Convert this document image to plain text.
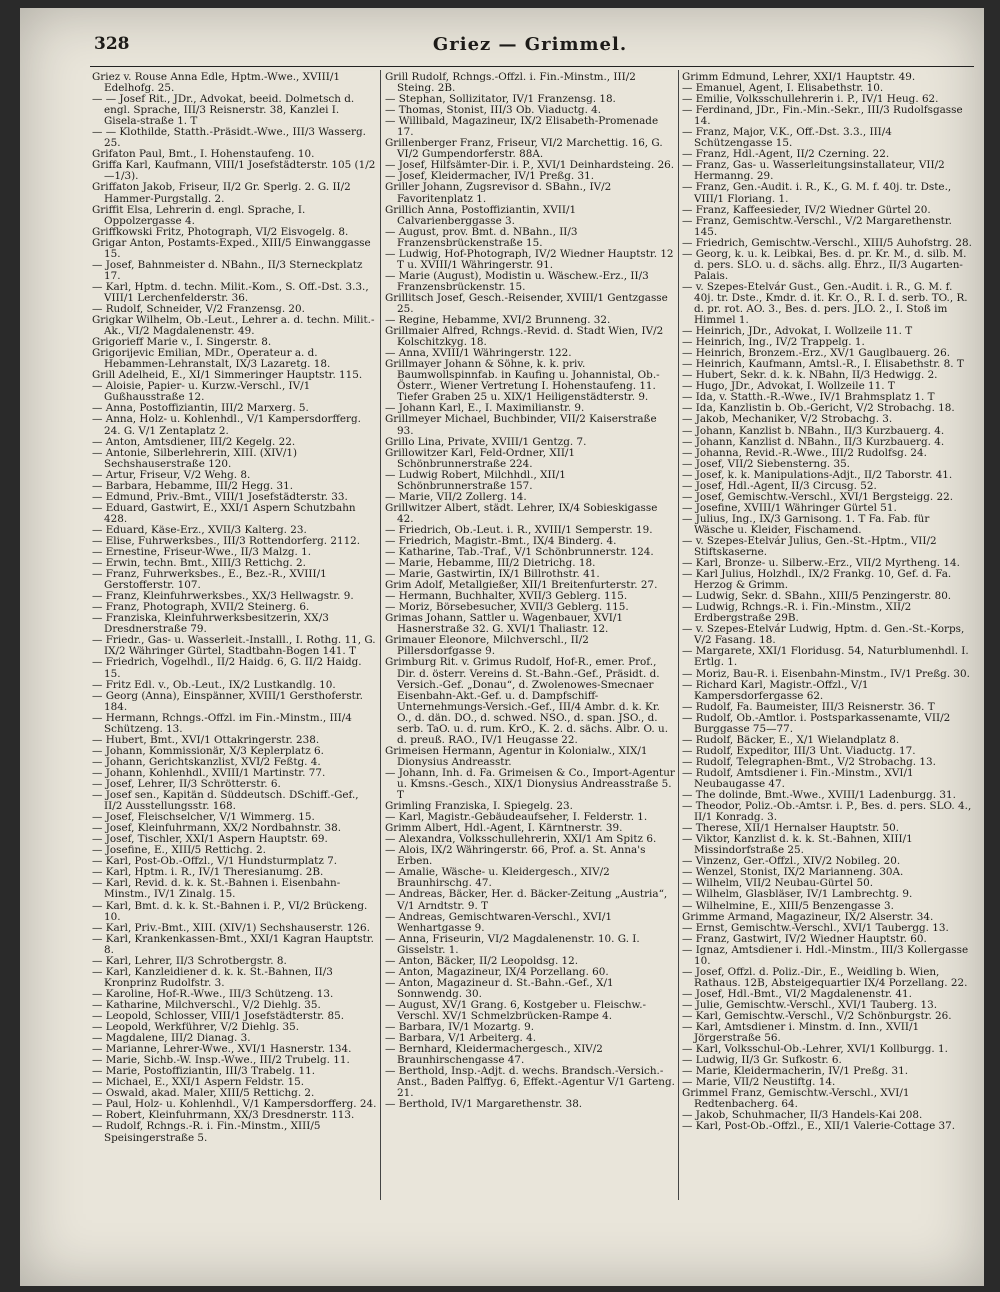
328	Griez — Grimmel.

Griez v. Rouse Anna Edle, Hptm.-Wwe., XVIII/1 Edelhofg. 25.

— — Josef Rit., JDr., Advokat, beeid. Dolmetsch d. engl. Sprache, III/3 Reisnerstr. 38, Kanzlei I. Gisela-straße 1. T

— — Klothilde, Statth.-Präsidt.-Wwe., III/3 Wasserg. 25.

Grifaton Paul, Bmt., I. Hohenstaufeng. 10.

Griffa Karl, Kaufmann, VIII/1 Josefstädterstr. 105 (1/2—1/3).

Griffaton Jakob, Friseur, II/2 Gr. Sperlg. 2. G. II/2 Hammer-Purgstallg. 2.

Griffit Elsa, Lehrerin d. engl. Sprache, I. Oppolzergasse 4.

Griffkowski Fritz, Photograph, VI/2 Eisvogelg. 8.

Grigar Anton, Postamts-Exped., XIII/5 Einwanggasse 15.

— Josef, Bahnmeister d. NBahn., II/3 Sterneckplatz 17.

— Karl, Hptm. d. techn. Milit.-Kom., S. Off.-Dst. 3.3., VIII/1 Lerchenfelderstr. 36.

— Rudolf, Schneider, V/2 Franzensg. 20.

Grigkar Wilhelm, Ob.-Leut., Lehrer a. d. techn. Milit.-Ak., VI/2 Magdalenenstr. 49.

Grigorieff Marie v., I. Singerstr. 8.

Grigorijevic Emilian, MDr., Operateur a. d. Hebammen-Lehranstalt, IX/3 Lazaretg. 18.

Grill Adelheid, E., XI/1 Simmeringer Hauptstr. 115.

— Aloisie, Papier- u. Kurzw.-Verschl., IV/1 Gußhausstraße 12.

— Anna, Postoffiziantin, III/2 Marxerg. 5.

— Anna, Holz- u. Kohlenhdl., V/1 Kampersdorfferg. 24. G. V/1 Zentaplatz 2.

— Anton, Amtsdiener, III/2 Kegelg. 22.

— Antonie, Silberlehrerin, XIII. (XIV/1) Sechshauserstraße 120.

— Artur, Friseur, V/2 Wehg. 8.

— Barbara, Hebamme, III/2 Hegg. 31.

— Edmund, Priv.-Bmt., VIII/1 Josefstädterstr. 33.

— Eduard, Gastwirt, E., XXI/1 Aspern Schutzbahn 428.

— Eduard, Käse-Erz., XVII/3 Kalterg. 23.

— Elise, Fuhrwerksbes., III/3 Rottendorferg. 2112.

— Ernestine, Friseur-Wwe., II/3 Malzg. 1.

— Erwin, techn. Bmt., XIII/3 Rettichg. 2.

— Franz, Fuhrwerksbes., E., Bez.-R., XVIII/1 Gerstofferstr. 107.

— Franz, Kleinfuhrwerksbes., XX/3 Hellwagstr. 9.

— Franz, Photograph, XVII/2 Steinerg. 6.

— Franziska, Kleinfuhrwerksbesitzerin, XX/3 Dresdnerstraße 79.

— Friedr., Gas- u. Wasserleit.-Installl., I. Rothg. 11, G. IX/2 Währinger Gürtel, Stadtbahn-Bogen 141. T

— Friedrich, Vogelhdl., II/2 Haidg. 6, G. II/2 Haidg. 15.

— Fritz Edl. v., Ob.-Leut., IX/2 Lustkandlg. 10.

— Georg (Anna), Einspänner, XVIII/1 Gersthoferstr. 184.

— Hermann, Rchngs.-Offzl. im Fin.-Minstm., III/4 Schützeng. 13.

— Hubert, Bmt., XVI/1 Ottakringerstr. 238.

— Johann, Kommissionär, X/3 Keplerplatz 6.

— Johann, Gerichtskanzlist, XVI/2 Feßtg. 4.

— Johann, Kohlenhdl., XVIII/1 Martinstr. 77.

— Josef, Lehrer, II/3 Schrötterstr. 6.

— Josef sen., Kapitän d. Süddeutsch. DSchiff.-Gef., II/2 Ausstellungsstr. 168.

— Josef, Fleischselcher, V/1 Wimmerg. 15.

— Josef, Kleinfuhrmann, XX/2 Nordbahnstr. 38.

— Josef, Tischler, XXI/1 Aspern Hauptstr. 69.

— Josefine, E., XIII/5 Rettichg. 2.

— Karl, Post-Ob.-Offzl., V/1 Hundsturmplatz 7.

— Karl, Hptm. i. R., IV/1 Theresianumg. 2B.

— Karl, Revid. d. k. k. St.-Bahnen i. Eisenbahn-Minstm., IV/1 Zinalg. 15.

— Karl, Bmt. d. k. k. St.-Bahnen i. P., VI/2 Brückeng. 10.

— Karl, Priv.-Bmt., XIII. (XIV/1) Sechshauserstr. 126.

— Karl, Krankenkassen-Bmt., XXI/1 Kagran Hauptstr. 8.

— Karl, Lehrer, II/3 Schrotbergstr. 8.

— Karl, Kanzleidiener d. k. k. St.-Bahnen, II/3 Kronprinz Rudolfstr. 3.

— Karoline, Hof-R.-Wwe., III/3 Schützeng. 13.

— Katharine, Milchverschl., V/2 Diehlg. 35.

— Leopold, Schlosser, VIII/1 Josefstädterstr. 85.

— Leopold, Werkführer, V/2 Diehlg. 35.

— Magdalene, III/2 Dianag. 3.

— Marianne, Lehrer-Wwe., XVI/1 Hasnerstr. 134.

— Marie, Sichb.-W. Insp.-Wwe., III/2 Trubelg. 11.

— Marie, Postoffiziantin, III/3 Trabelg. 11.

— Michael, E., XXI/1 Aspern Feldstr. 15.

— Oswald, akad. Maler, XIII/5 Rettichg. 2.

— Paul, Holz- u. Kohlenhdl., V/1 Kampersdorfferg. 24.

— Robert, Kleinfuhrmann, XX/3 Dresdnerstr. 113.

— Rudolf, Rchngs.-R. i. Fin.-Minstm., XIII/5 Speisingerstraße 5.

Grill Rudolf, Rchngs.-Offzl. i. Fin.-Minstm., III/2 Steing. 2B.

— Stephan, Sollizitator, IV/1 Franzensg. 18.

— Thomas, Stonist, III/3 Ob. Viaductg. 4.

— Willibald, Magazineur, IX/2 Elisabeth-Promenade 17.

Grillenberger Franz, Friseur, VI/2 Marchettig. 16, G. VI/2 Gumpendorferstr. 88A.

— Josef, Hilfsämter-Dir. i. P., XVI/1 Deinhardsteing. 26.

— Josef, Kleidermacher, IV/1 Preßg. 31.

Griller Johann, Zugsrevisor d. SBahn., IV/2 Favoritenplatz 1.

Grillich Anna, Postoffiziantin, XVII/1 Calvarienberggasse 3.

— August, prov. Bmt. d. NBahn., II/3 Franzensbrückenstraße 15.

— Ludwig, Hof-Photograph, IV/2 Wiedner Hauptstr. 12 T u. XVIII/1 Währingerstr. 91.

— Marie (August), Modistin u. Wäschew.-Erz., II/3 Franzensbrückenstr. 15.

Grillitsch Josef, Gesch.-Reisender, XVIII/1 Gentzgasse 25.

— Regine, Hebamme, XVI/2 Brunneng. 32.

Grillmaier Alfred, Rchngs.-Revid. d. Stadt Wien, IV/2 Kolschitzkyg. 18.

— Anna, XVIII/1 Währingerstr. 122.

Grillmayer Johann & Söhne, k. k. priv. Baumwollspinnfab. in Kaufing u. Johannistal, Ob.-Österr., Wiener Vertretung I. Hohenstaufeng. 11. Tiefer Graben 25 u. XIX/1 Heiligenstädterstr. 9.

— Johann Karl, E., I. Maximilianstr. 9.

Grillmeyer Michael, Buchbinder, VII/2 Kaiserstraße 93.

Grillo Lina, Private, XVIII/1 Gentzg. 7.

Grillowitzer Karl, Feld-Ordner, XII/1 Schönbrunnerstraße 224.

— Ludwig Robert, Milchhdl., XII/1 Schönbrunnerstraße 157.

— Marie, VII/2 Zollerg. 14.

Grillwitzer Albert, städt. Lehrer, IX/4 Sobieskigasse 42.

— Friedrich, Ob.-Leut. i. R., XVIII/1 Semperstr. 19.

— Friedrich, Magistr.-Bmt., IX/4 Binderg. 4.

— Katharine, Tab.-Traf., V/1 Schönbrunnerstr. 124.

— Marie, Hebamme, III/2 Dietrichg. 18.

— Marie, Gastwirtin, IX/1 Billrothstr. 41.

Grim Adolf, Metallgießer, XII/1 Breitenfurterstr. 27.

— Hermann, Buchhalter, XVII/3 Geblerg. 115.

— Moriz, Börsebesucher, XVII/3 Geblerg. 115.

Grimas Johann, Sattler u. Wagenbauer, XVI/1 Hasnerstraße 32. G. XVI/1 Thaliastr. 12.

Grimauer Eleonore, Milchverschl., II/2 Pillersdorfgasse 9.

Grimburg Rit. v. Grimus Rudolf, Hof-R., emer. Prof., Dir. d. österr. Vereins d. St.-Bahn.-Gef., Präsidt. d. Versich.-Gef. „Donau“, d. Zwolenowes-Smecnaer Eisenbahn-Akt.-Gef. u. d. Dampfschiff-Unternehmungs-Versich.-Gef., III/4 Ambr. d. k. Kr. O., d. dän. DO., d. schwed. NSO., d. span. JSO., d. serb. TaO. u. d. rum. KrO., K. 2. d. sächs. Albr. O. u. d. preuß. RAO., IV/1 Heugasse 22.

Grimeisen Hermann, Agentur in Kolonialw., XIX/1 Dionysius Andreasstr.

— Johann, Inh. d. Fa. Grimeisen & Co., Import-Agentur u. Kmsns.-Gesch., XIX/1 Dionysius Andreasstraße 5. T

Grimling Franziska, I. Spiegelg. 23.

— Karl, Magistr.-Gebäudeaufseher, I. Felderstr. 1.

Grimm Albert, Hdl.-Agent, I. Kärntnerstr. 39.

— Alexandra, Volksschullehrerin, XXI/1 Am Spitz 6.

— Alois, IX/2 Währingerstr. 66, Prof. a. St. Anna's Erben.

— Amalie, Wäsche- u. Kleidergesch., XIV/2 Braunhirschg. 47.

— Andreas, Bäcker, Her. d. Bäcker-Zeitung „Austria“, V/1 Arndtstr. 9. T

— Andreas, Gemischtwaren-Verschl., XVI/1 Wenhartgasse 9.

— Anna, Friseurin, VI/2 Magdalenenstr. 10. G. I. Gisselstr. 1.

— Anton, Bäcker, II/2 Leopoldsg. 12.

— Anton, Magazineur, IX/4 Porzellang. 60.

— Anton, Magazineur d. St.-Bahn.-Gef., X/1 Sonnwendg. 30.

— August, XV/1 Grang. 6, Kostgeber u. Fleischw.-Verschl. XV/1 Schmelzbrücken-Rampe 4.

— Barbara, IV/1 Mozartg. 9.

— Barbara, V/1 Arbeiterg. 4.

— Bernhard, Kleidermachergesch., XIV/2 Braunhirschengasse 47.

— Berthold, Insp.-Adjt. d. wechs. Brandsch.-Versich.-Anst., Baden Palffyg. 6, Effekt.-Agentur V/1 Garteng. 21.

— Berthold, IV/1 Margarethenstr. 38.

Grimm Edmund, Lehrer, XXI/1 Hauptstr. 49.

— Emanuel, Agent, I. Elisabethstr. 10.

— Emilie, Volksschullehrerin i. P., IV/1 Heug. 62.

— Ferdinand, JDr., Fin.-Min.-Sekr., III/3 Rudolfsgasse 14.

— Franz, Major, V.K., Off.-Dst. 3.3., III/4 Schützengasse 15.

— Franz, Hdl.-Agent, II/2 Czerning. 22.

— Franz, Gas- u. Wasserleitungsinstallateur, VII/2 Hermanng. 29.

— Franz, Gen.-Audit. i. R., K., G. M. f. 40j. tr. Dste., VIII/1 Floriang. 1.

— Franz, Kaffeesieder, IV/2 Wiedner Gürtel 20.

— Franz, Gemischtw.-Verschl., V/2 Margarethenstr. 145.

— Friedrich, Gemischtw.-Verschl., XIII/5 Auhofstrg. 28.

— Georg, k. u. k. Leibkai, Bes. d. pr. Kr. M., d. silb. M. d. pers. SLO. u. d. sächs. allg. Ehrz., II/3 Augarten-Palais.

— v. Szepes-Etelvár Gust., Gen.-Audit. i. R., G. M. f. 40j. tr. Dste., Kmdr. d. it. Kr. O., R. I. d. serb. TO., R. d. pr. rot. AO. 3., Bes. d. pers. JLO. 2., I. Stoß im Himmel 1.

— Heinrich, JDr., Advokat, I. Wollzeile 11. T

— Heinrich, Ing., IV/2 Trappelg. 1.

— Heinrich, Bronzem.-Erz., XV/1 Gauglbauerg. 26.

— Heinrich, Kaufmann, Amtsl.-R., I. Elisabethstr. 8. T

— Hubert, Sekr. d. k. k. NBahn, II/3 Hedwigg. 2.

— Hugo, JDr., Advokat, I. Wollzeile 11. T

— Ida, v. Statth.-R.-Wwe., IV/1 Brahmsplatz 1. T

— Ida, Kanzlistin b. Ob.-Gericht, V/2 Strobachg. 18.

— Jakob, Mechaniker, V/2 Strobachg. 3.

— Johann, Kanzlist b. NBahn., II/3 Kurzbauerg. 4.

— Johann, Kanzlist d. NBahn., II/3 Kurzbauerg. 4.

— Johanna, Revid.-R.-Wwe., III/2 Rudolfsg. 24.

— Josef, VII/2 Siebensterng. 35.

— Josef, k. k. Manipulations-Adjt., II/2 Taborstr. 41.

— Josef, Hdl.-Agent, II/3 Circusg. 52.

— Josef, Gemischtw.-Verschl., XVI/1 Bergsteigg. 22.

— Josefine, XVIII/1 Währinger Gürtel 51.

— Julius, Ing., IX/3 Garnisong. 1. T Fa. Fab. für Wäsche u. Kleider, Fischamend.

— v. Szepes-Etelvár Julius, Gen.-St.-Hptm., VII/2 Stiftskaserne.

— Karl, Bronze- u. Silberw.-Erz., VII/2 Myrtheng. 14.

— Karl Julius, Holzhdl., IX/2 Frankg. 10, Gef. d. Fa. Herzog & Grimm.

— Ludwig, Sekr. d. SBahn., XIII/5 Penzingerstr. 80.

— Ludwig, Rchngs.-R. i. Fin.-Minstm., XII/2 Erdbergstraße 29B.

— v. Szepes-Etelvár Ludwig, Hptm. d. Gen.-St.-Korps, V/2 Fasang. 18.

— Margarete, XXI/1 Floridusg. 54, Naturblumenhdl. I. Ertlg. 1.

— Moriz, Bau-R. i. Eisenbahn-Minstm., IV/1 Preßg. 30.

— Richard Karl, Magistr.-Offzl., V/1 Kampersdorfergasse 62.

— Rudolf, Fa. Baumeister, III/3 Reisnerstr. 36. T

— Rudolf, Ob.-Amtlor. i. Postsparkassenamte, VII/2 Burggasse 75—77.

— Rudolf, Bäcker, E., X/1 Wielandplatz 8.

— Rudolf, Expeditor, III/3 Unt. Viaductg. 17.

— Rudolf, Telegraphen-Bmt., V/2 Strobachg. 13.

— Rudolf, Amtsdiener i. Fin.-Minstm., XVI/1 Neubaugasse 47.

— The dolinde, Bmt.-Wwe., XVIII/1 Ladenburgg. 31.

— Theodor, Poliz.-Ob.-Amtsr. i. P., Bes. d. pers. SLO. 4., II/1 Konradg. 3.

— Therese, XII/1 Hernalser Hauptstr. 50.

— Viktor, Kanzlist d. k. k. St.-Bahnen, XIII/1 Missindorfstraße 25.

— Vinzenz, Ger.-Offzl., XIV/2 Nobileg. 20.

— Wenzel, Stonist, IX/2 Marianneng. 30A.

— Wilhelm, VII/2 Neubau-Gürtel 50.

— Wilhelm, Glasbläser, IV/1 Lambrechtg. 9.

— Wilhelmine, E., XIII/5 Benzengasse 3.

Grimme Armand, Magazineur, IX/2 Alserstr. 34.

— Ernst, Gemischtw.-Verschl., XVI/1 Taubergg. 13.

— Franz, Gastwirt, IV/2 Wiedner Hauptstr. 60.

— Ignaz, Amtsdiener i. Hdl.-Minstm., III/3 Kollergasse 10.

— Josef, Offzl. d. Poliz.-Dir., E., Weidling b. Wien, Rathaus. 12B, Absteigequartier IX/4 Porzellang. 22.

— Josef, Hdl.-Bmt., VI/2 Magdalenenstr. 41.

— Julie, Gemischtw.-Verschl., XVI/1 Tauberg. 13.

— Karl, Gemischtw.-Verschl., V/2 Schönburgstr. 26.

— Karl, Amtsdiener i. Minstm. d. Inn., XVII/1 Jörgerstraße 56.

— Karl, Volksschul-Ob.-Lehrer, XVI/1 Kollburgg. 1.

— Ludwig, II/3 Gr. Sufkostr. 6.

— Marie, Kleidermacherin, IV/1 Preßg. 31.

— Marie, VII/2 Neustiftg. 14.

Grimmel Franz, Gemischtw.-Verschl., XVI/1 Redtenbacherg. 64.

— Jakob, Schuhmacher, II/3 Handels-Kai 208.

— Karl, Post-Ob.-Offzl., E., XII/1 Valerie-Cottage 37.
